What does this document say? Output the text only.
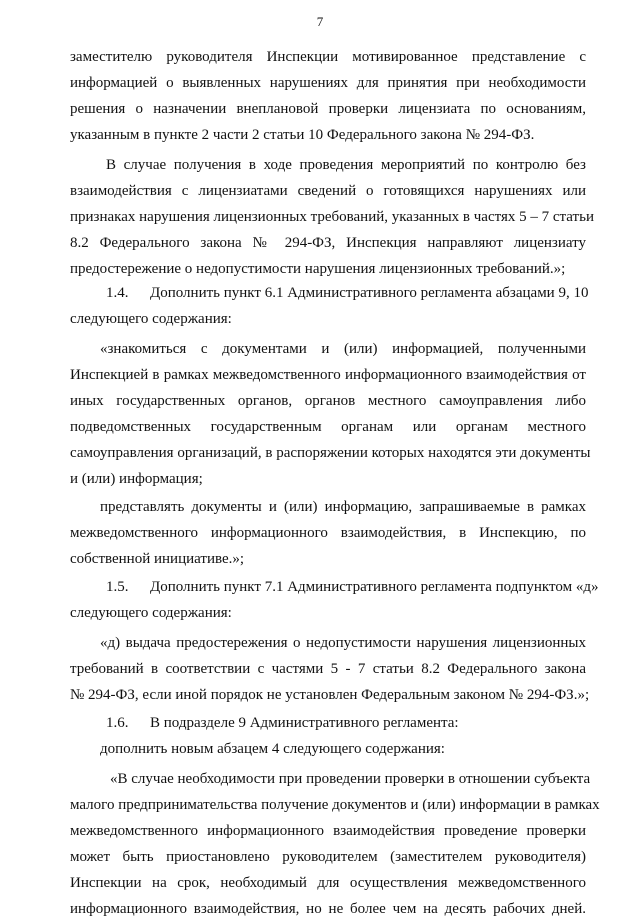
7
заместителю руководителя Инспекции мотивированное представление с
информацией о выявленных нарушениях для принятия при необходимости
решения о назначении внеплановой проверки лицензиата по основаниям,
указанным в пункте 2 части 2 статьи 10 Федерального закона № 294-ФЗ.
В случае получения в ходе проведения мероприятий по контролю без
взаимодействия с лицензиатами сведений о готовящихся нарушениях или
признаках нарушения лицензионных требований, указанных в частях 5 – 7 статьи
8.2 Федерального закона № 294-ФЗ, Инспекция направляют лицензиату
предостережение о недопустимости нарушения лицензионных требований.»;
1.4. Дополнить пункт 6.1 Административного регламента абзацами 9, 10
следующего содержания:
«знакомиться с документами и (или) информацией, полученными
Инспекцией в рамках межведомственного информационного взаимодействия от
иных государственных органов, органов местного самоуправления либо
подведомственных государственным органам или органам местного
самоуправления организаций, в распоряжении которых находятся эти документы
и (или) информация;
представлять документы и (или) информацию, запрашиваемые в рамках
межведомственного информационного взаимодействия, в Инспекцию, по
собственной инициативе.»;
1.5. Дополнить пункт 7.1 Административного регламента подпунктом «д»
следующего содержания:
«д) выдача предостережения о недопустимости нарушения лицензионных
требований в соответствии с частями 5 - 7 статьи 8.2 Федерального закона
№ 294-ФЗ, если иной порядок не установлен Федеральным законом № 294-ФЗ.»;
1.6. В подразделе 9 Административного регламента:
дополнить новым абзацем 4 следующего содержания:
«В случае необходимости при проведении проверки в отношении субъекта
малого предпринимательства получение документов и (или) информации в рамках
межведомственного информационного взаимодействия проведение проверки
может быть приостановлено руководителем (заместителем руководителя)
Инспекции на срок, необходимый для осуществления межведомственного
информационного взаимодействия, но не более чем на десять рабочих дней.
